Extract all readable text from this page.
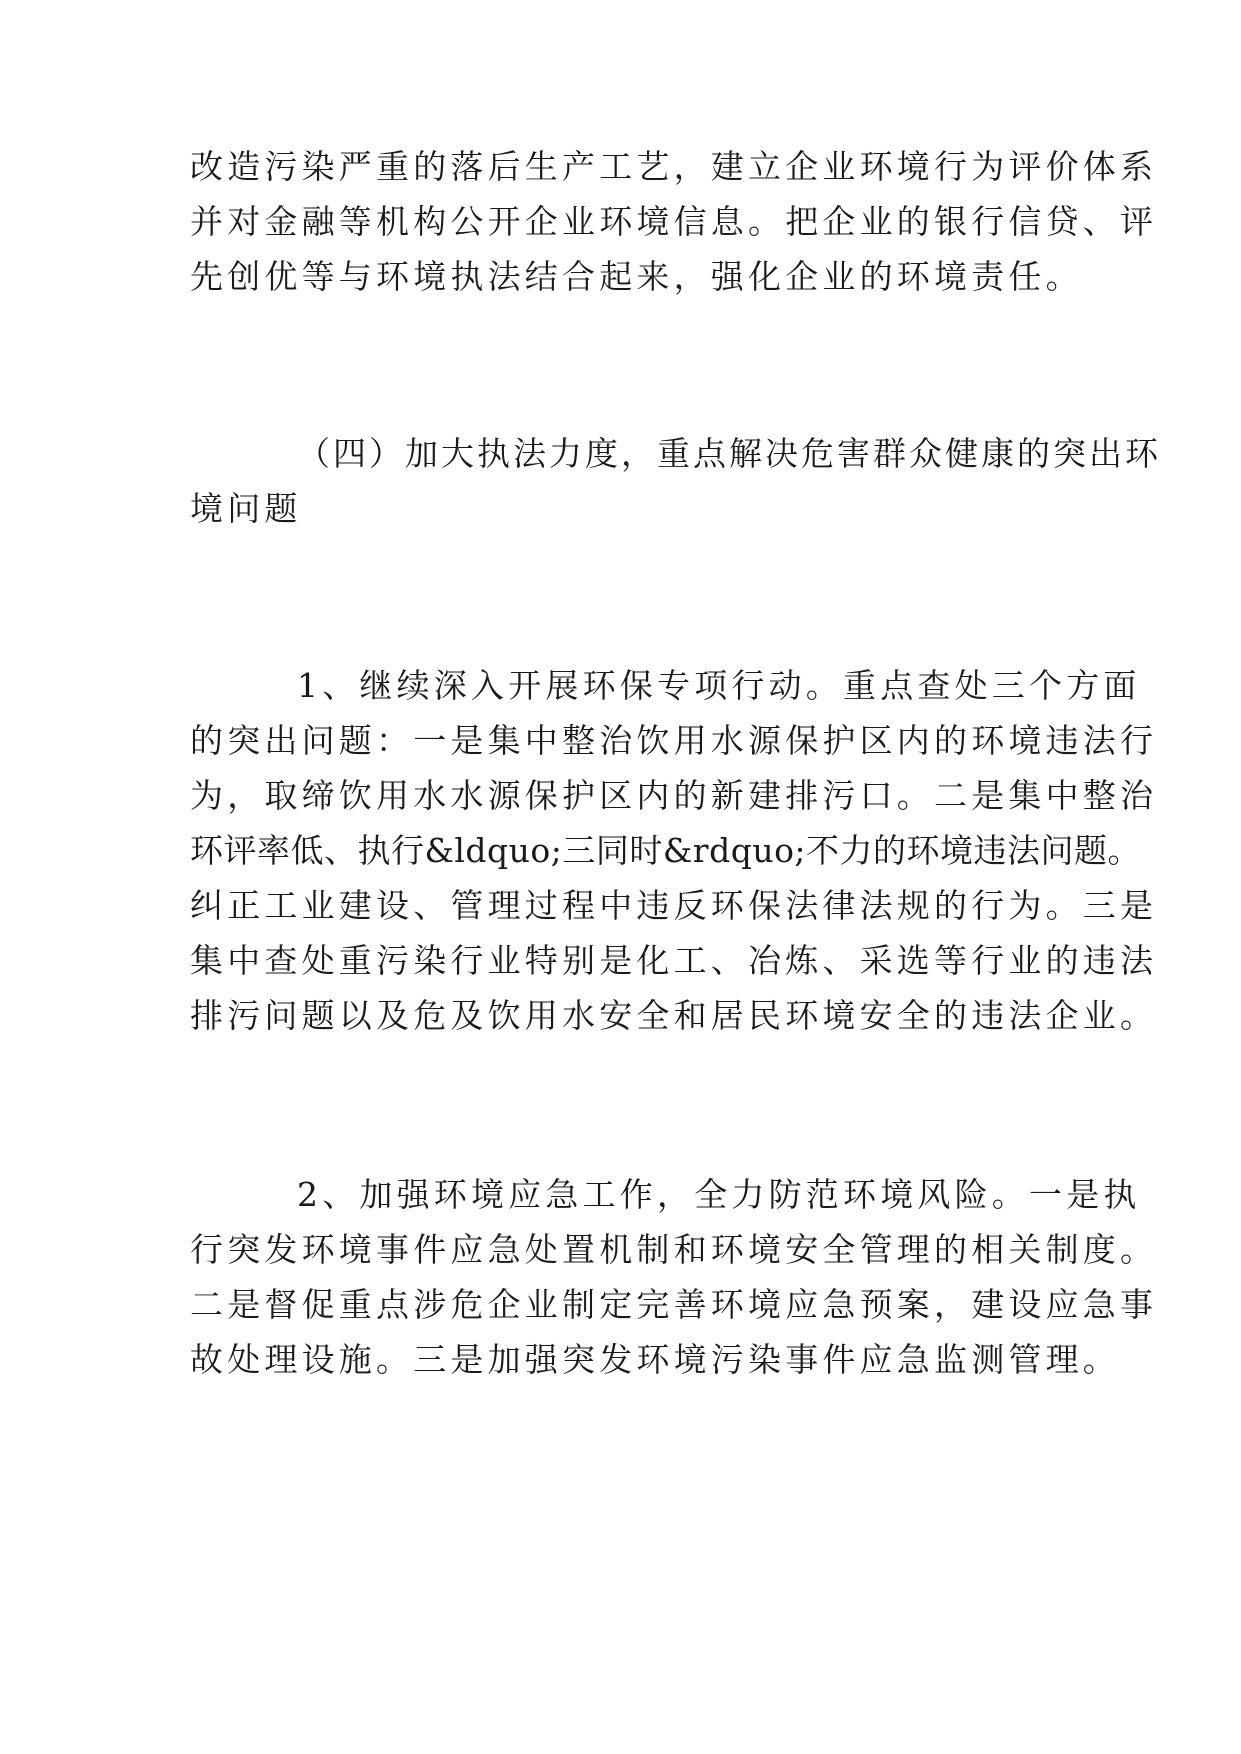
改造污染严重的落后生产工艺，建立企业环境行为评价体系
并对金融等机构公开企业环境信息。把企业的银行信贷、评
先创优等与环境执法结合起来，强化企业的环境责任。
（四）加大执法力度，重点解决危害群众健康的突出环
境问题
1、继续深入开展环保专项行动。重点查处三个方面
的突出问题：一是集中整治饮用水源保护区内的环境违法行
为，取缔饮用水水源保护区内的新建排污口。二是集中整治
环评率低、执行&ldquo;三同时&rdquo;不力的环境违法问题。
纠正工业建设、管理过程中违反环保法律法规的行为。三是
集中查处重污染行业特别是化工、冶炼、采选等行业的违法
排污问题以及危及饮用水安全和居民环境安全的违法企业。
2、加强环境应急工作，全力防范环境风险。一是执
行突发环境事件应急处置机制和环境安全管理的相关制度。
二是督促重点涉危企业制定完善环境应急预案，建设应急事
故处理设施。三是加强突发环境污染事件应急监测管理。
